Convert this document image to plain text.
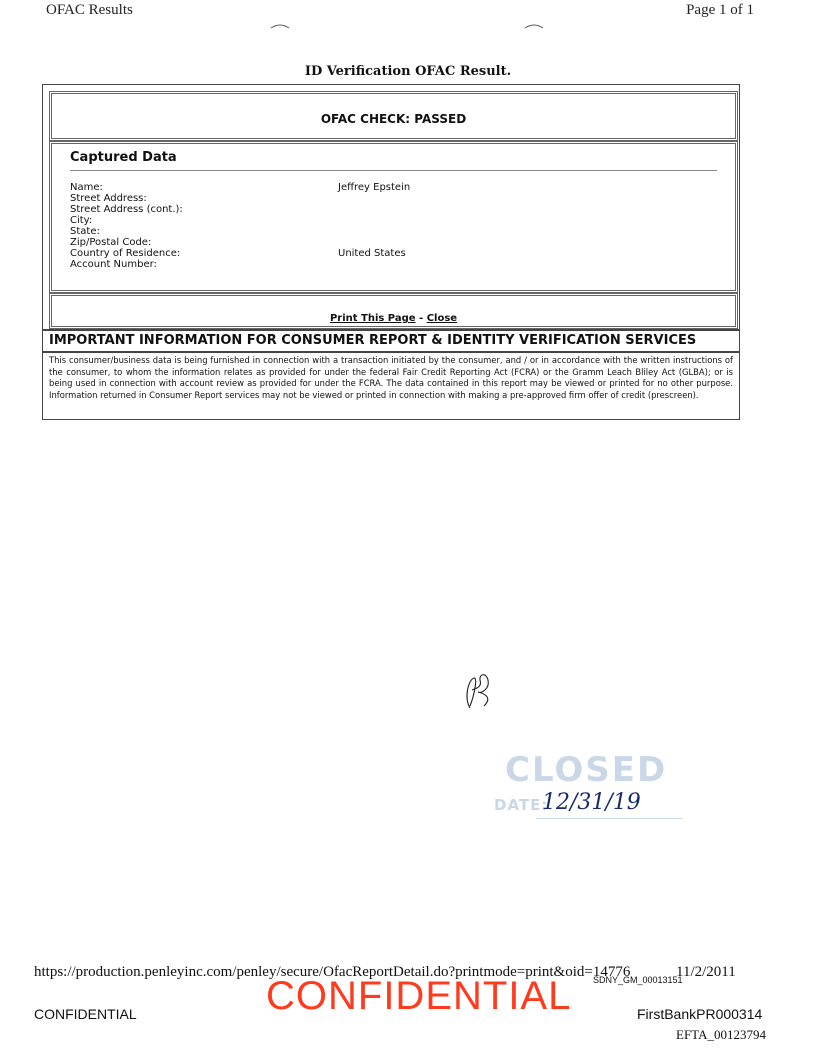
OFAC Results	Page 1 of 1
ID Verification OFAC Result.
OFAC CHECK: PASSED
Captured Data
Name:	Jeffrey Epstein
Street Address:
Street Address (cont.):
City:
State:
Zip/Postal Code:
Country of Residence:	United States
Account Number:
Print This Page - Close
IMPORTANT INFORMATION FOR CONSUMER REPORT & IDENTITY VERIFICATION SERVICES
This consumer/business data is being furnished in connection with a transaction initiated by the consumer, and / or in accordance with the written instructions of the consumer, to whom the information relates as provided for under the federal Fair Credit Reporting Act (FCRA) or the Gramm Leach Bliley Act (GLBA); or is being used in connection with account review as provided for under the FCRA. The data contained in this report may be viewed or printed for no other purpose. Information returned in Consumer Report services may not be viewed or printed in connection with making a pre-approved firm offer of credit (prescreen).
CLOSED
DATE:
12/31/19
https://production.penleyinc.com/penley/secure/OfacReportDetail.do?printmode=print&oid=14776
SDNY_GM_00013151
11/2/2011
CONFIDENTIAL
CONFIDENTIAL	FirstBankPR000314
EFTA_00123794
